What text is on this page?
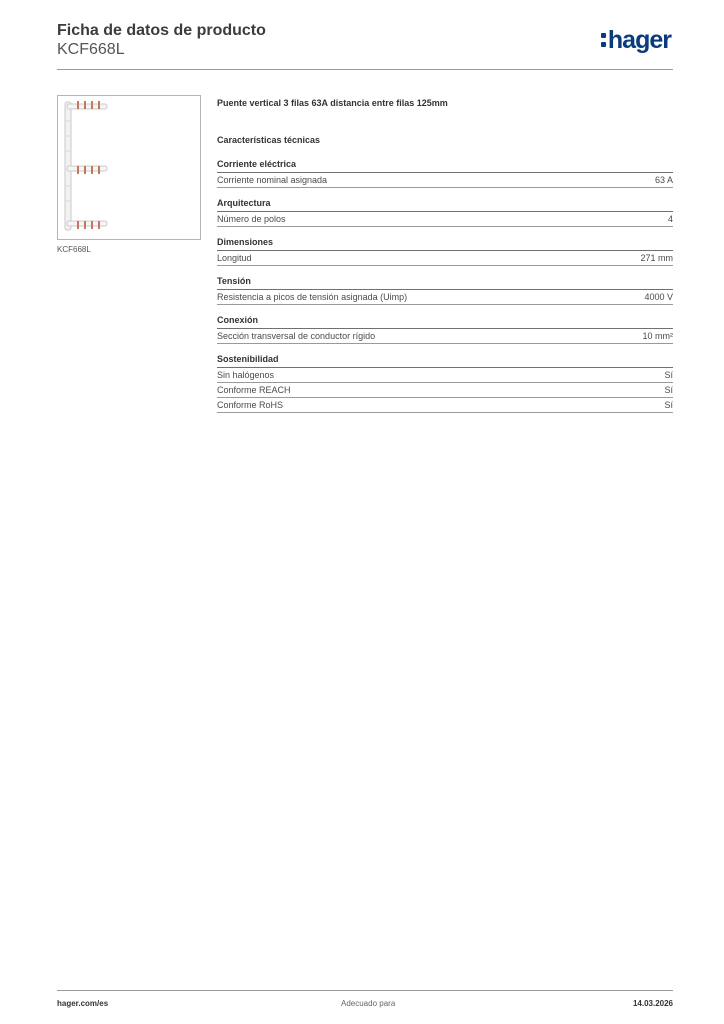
Ficha de datos de producto
KCF668L	hager
KCF668L

Puente vertical 3 filas 63A distancia entre filas 125mm

Características técnicas
Corriente eléctrica
Corriente nominal asignada	63 A
Arquitectura
Número de polos	4
Dimensiones
Longitud	271 mm
Tensión
Resistencia a picos de tensión asignada (Uimp)	4000 V
Conexión
Sección transversal de conductor rígido	10 mm²
Sostenibilidad
Sin halógenos	Sí
Conforme REACH	Sí
Conforme RoHS	Sí
hager.com/es	Adecuado para	14.03.2026
